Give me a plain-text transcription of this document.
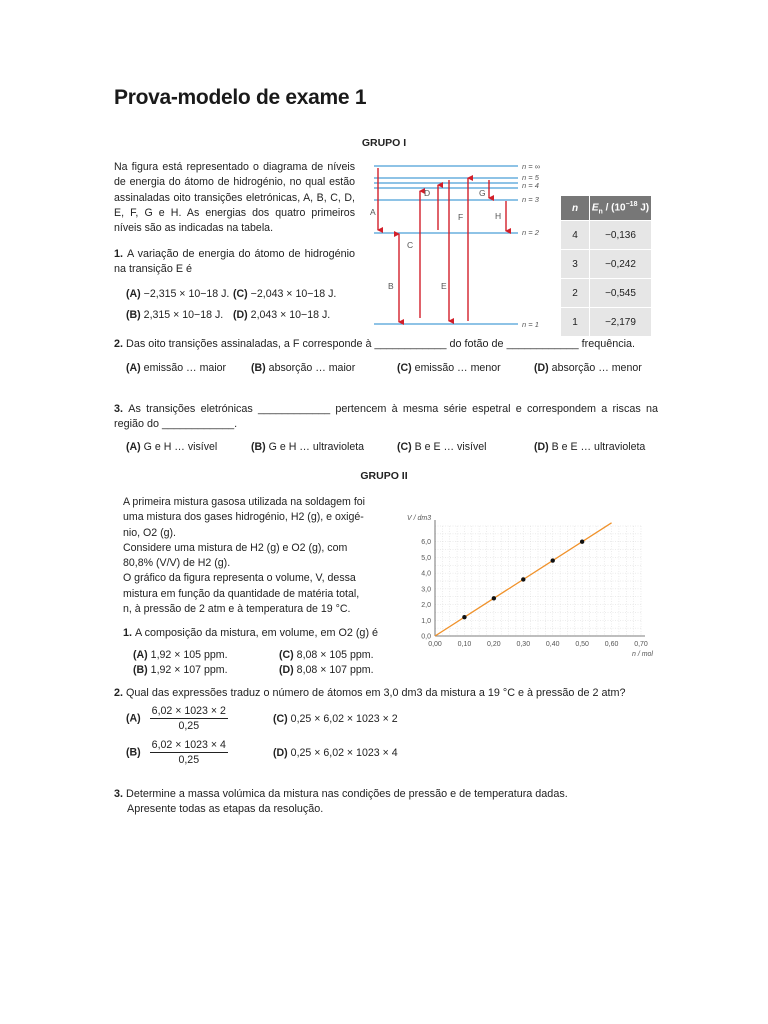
Prova-modelo de exame 1
GRUPO I
Na figura está representado o diagrama de níveis de energia do átomo de hidrogénio, no qual estão assinaladas oito transições eletrónicas, A, B, C, D, E, F, G e H. As energias dos quatro primeiros níveis são as indicadas na tabela.
A
B
C
D
E
F
G
H
n = ∞
n = 5
n = 4
n = 3
n = 2
n = 1
n	$E_n / (10^{-18}$ J)
4	−0,136
3	−0,242
2	−0,545
1	−2,179
1. A variação de energia do átomo de hidrogénio na transição E é
(A) −2,315 × 10−18 J. (C) −2,043 × 10−18 J.
(B) 2,315 × 10−18 J. (D) 2,043 × 10−18 J.
2. Das oito transições assinaladas, a F corresponde à ____________ do fotão de ____________ frequência.
(A) emissão … maior (B) absorção … maior	(C) emissão … menor	(D) absorção … menor
3. As transições eletrónicas ____________ pertencem à mesma série espetral e correspondem a riscas na região do ____________.
(A) G e H … visível	(B) G e H … ultravioleta	(C) B e E … visível	(D) B e E … ultravioleta
GRUPO II
A primeira mistura gasosa utilizada na soldagem foi
uma mistura dos gases hidrogénio, H2 (g), e oxigé-
nio, O2 (g).
Considere uma mistura de H2 (g) e O2 (g), com
80,8% (V/V) de H2 (g).
O gráfico da figura representa o volume, V, dessa
mistura em função da quantidade de matéria total,
n, à pressão de 2 atm e à temperatura de 19 °C.
0,00 0,10 0,20 0,30 0,40 0,50 0,60 0,70
0,0
1,0
2,0
3,0
4,0
5,0
6,0
V / dm3
n / mol
1. A composição da mistura, em volume, em O2 (g) é
(A) 1,92 × 105 ppm.	(C) 8,08 × 105 ppm.
(B) 1,92 × 107 ppm.	(D) 8,08 × 107 ppm.
2. Qual das expressões traduz o número de átomos em 3,0 dm3 da mistura a 19 °C e à pressão de 2 atm?
$(A) \frac{6,02 \times 1023 \times 2}{0,25}$	(C) 0,25 × 6,02 × 1023 × 2
$(B) \frac{6,02 \times 1023 \times 4}{0,25}$	(D) 0,25 × 6,02 × 1023 × 4
3. Determine a massa volúmica da mistura nas condições de pressão e de temperatura dadas.
Apresente todas as etapas da resolução.
